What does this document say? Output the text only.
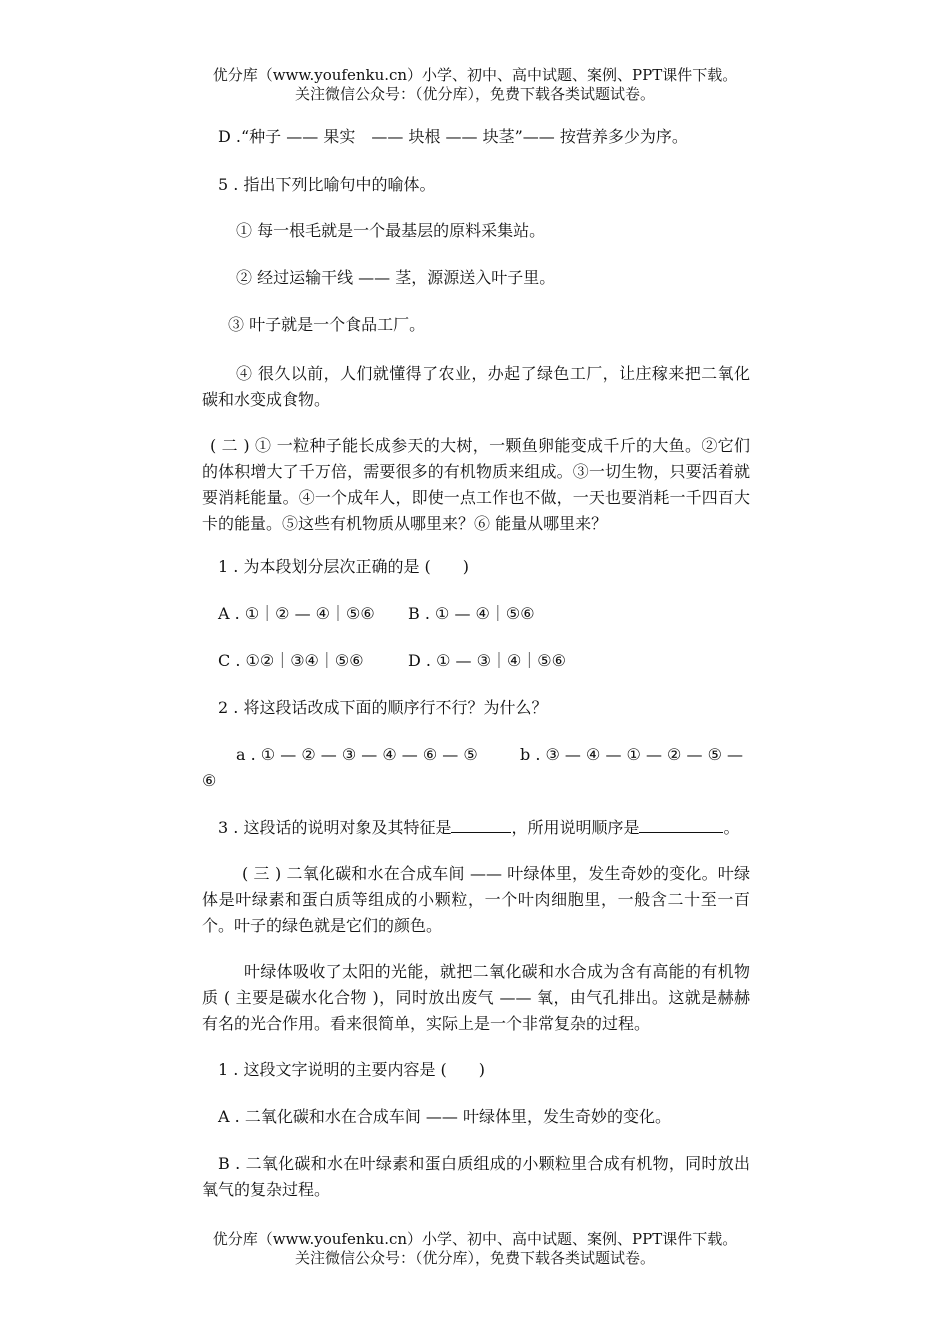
优分库（www.youfenku.cn）小学、初中、高中试题、案例、PPT课件下载。
关注微信公众号：（优分库），免费下载各类试题试卷。

D .“种子 —— 果实　—— 块根 —— 块茎”—— 按营养多少为序。

5 . 指出下列比喻句中的喻体。

① 每一根毛就是一个最基层的原料采集站。

② 经过运输干线 —— 茎，源源送入叶子里。

③ 叶子就是一个食品工厂。

④ 很久以前，人们就懂得了农业，办起了绿色工厂，让庄稼来把二氧化碳和水变成食物。

( 二 ) ① 一粒种子能长成参天的大树，一颗鱼卵能变成千斤的大鱼。②它们的体积增大了千万倍，需要很多的有机物质来组成。③一切生物，只要活着就要消耗能量。④一个成年人，即使一点工作也不做，一天也要消耗一千四百大卡的能量。⑤这些有机物质从哪里来？⑥ 能量从哪里来？

1 . 为本段划分层次正确的是 (　　)

A . ①｜② — ④｜⑤⑥ B . ① — ④｜⑤⑥

C . ①②｜③④｜⑤⑥	D . ① — ③｜④｜⑤⑥

2 . 将这段话改成下面的顺序行不行？为什么？

a . ① — ② — ③ — ④ — ⑥ — ⑤	b . ③ — ④ — ① — ② — ⑤ —

⑥

3 . 这段话的说明对象及其特征是	，所用说明顺序是	。

( 三 ) 二氧化碳和水在合成车间 —— 叶绿体里，发生奇妙的变化。叶绿体是叶绿素和蛋白质等组成的小颗粒，一个叶肉细胞里，一般含二十至一百个。叶子的绿色就是它们的颜色。

叶绿体吸收了太阳的光能，就把二氧化碳和水合成为含有高能的有机物质 ( 主要是碳水化合物 )，同时放出废气 —— 氧，由气孔排出。这就是赫赫有名的光合作用。看来很简单，实际上是一个非常复杂的过程。

1 . 这段文字说明的主要内容是 (　　)

A . 二氧化碳和水在合成车间 —— 叶绿体里，发生奇妙的变化。

B . 二氧化碳和水在叶绿素和蛋白质组成的小颗粒里合成有机物，同时放出氧气的复杂过程。

优分库（www.youfenku.cn）小学、初中、高中试题、案例、PPT课件下载。
关注微信公众号：（优分库），免费下载各类试题试卷。
